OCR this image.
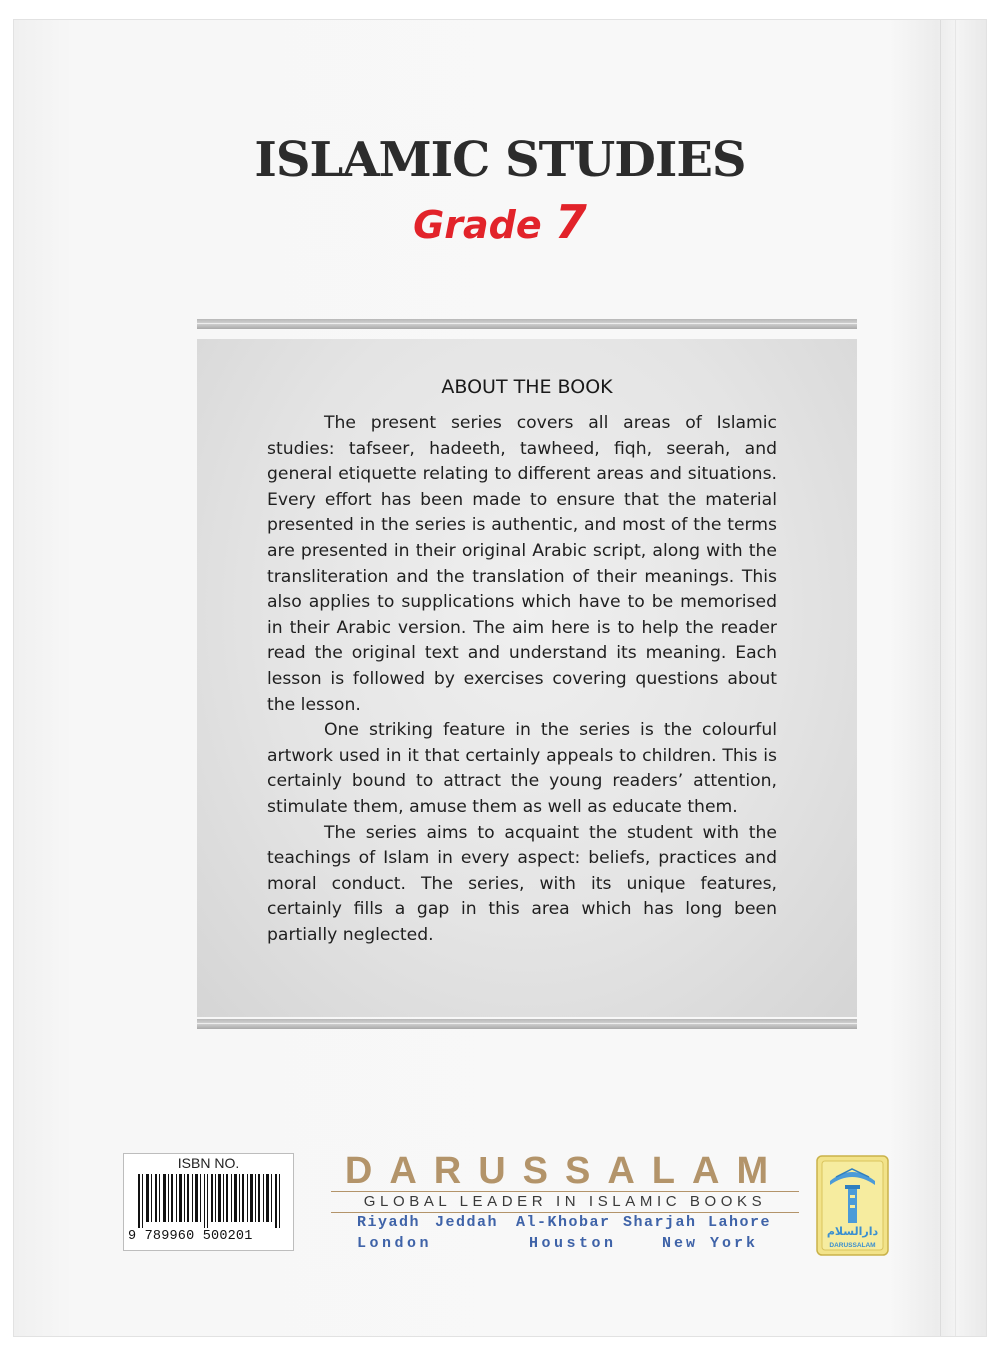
ISLAMIC STUDIES
Grade 7
ABOUT THE BOOK

The present series covers all areas of Islamic studies: tafseer, hadeeth, tawheed, fiqh, seerah, and general etiquette relating to different areas and situations. Every effort has been made to ensure that the material presented in the series is authentic, and most of the terms are presented in their original Arabic script, along with the transliteration and the translation of their meanings. This also applies to supplications which have to be memorised in their Arabic version. The aim here is to help the reader read the original text and understand its meaning. Each lesson is followed by exercises covering questions about the lesson.

One striking feature in the series is the colourful artwork used in it that certainly appeals to children. This is certainly bound to attract the young readers’ attention, stimulate them, amuse them as well as educate them.

The series aims to acquaint the student with the teachings of Islam in every aspect: beliefs, practices and moral conduct. The series, with its unique features, certainly fills a gap in this area which has long been partially neglected.

ISBN NO.
9 789960 500201
DARUSSALAM
GLOBAL LEADER IN ISLAMIC BOOKS
Riyadh Jeddah Al-Khobar Sharjah Lahore
London	Houston	New York
دارالسلام
DARUSSALAM
